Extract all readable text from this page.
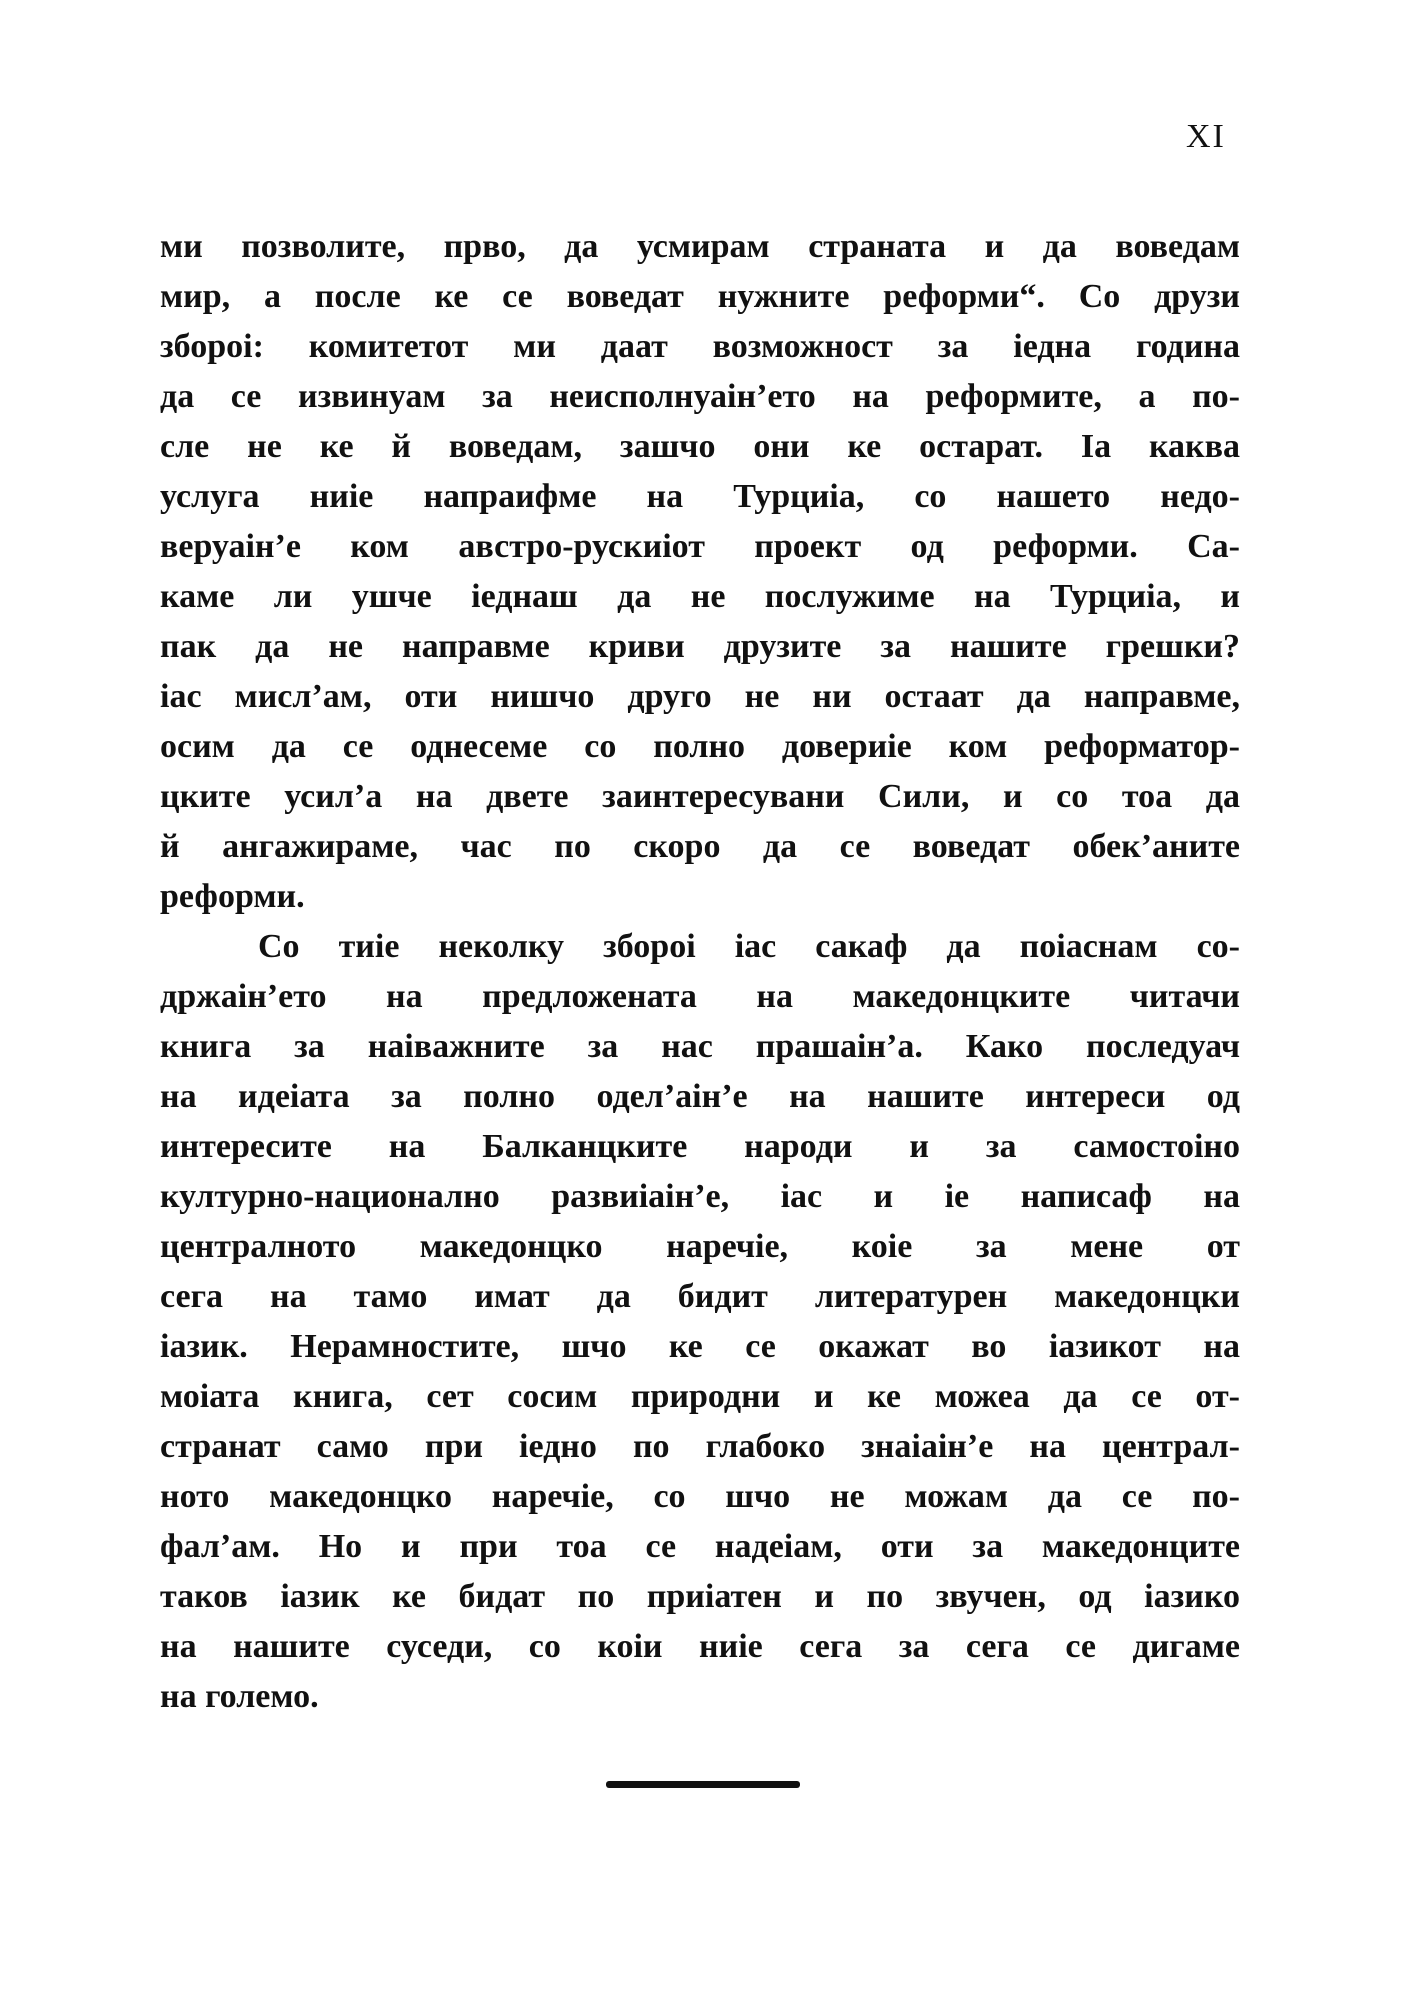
XI
ми позволите, прво, да усмирам страната и да воведам
мир, а после ке се воведат нужните реформи“. Со друзи
збороi: комитетот ми даат возможност за iедна година
да се извинуам за неисполнуаiн’ето на реформите, а по-
сле не ке й воведам, зашчо они ке остарат. Iа каква
услуга ниiе напраифме на Турциiа, со нашето недо-
веруаiн’е ком австро-рускиiот проект од реформи. Са-
каме ли ушче iеднаш да не послужиме на Турциiа, и
пак да не направме криви друзите за нашите грешки?
iас мисл’ам, оти нишчо друго не ни остаат да направме,
осим да се однесеме со полно довериiе ком реформатор-
цките усил’а на двете заинтересувани Сили, и со тоа да
й ангажираме, час по скоро да се воведат обек’аните
реформи.
Со тиiе неколку збороi iас сакаф да поiаснам со-
држаiн’ето на предложената на македонцките читачи
книга за наiважните за нас прашаiн’а. Како последуач
на идеiата за полно одел’аiн’е на нашите интереси од
интересите на Балканцките народи и за самостоiно
културно-национално развиiаiн’е, iас и iе написаф на
централното македонцко наречiе, коiе за мене от
сега на тамо имат да бидит литературен македонцки
iазик. Нерамностите, шчо ке се окажат во iазикот на
моiата книга, сет сосим природни и ке можеа да се от-
странат само при iедно по глабоко знаiаiн’е на централ-
ното македонцко наречiе, со шчо не можам да се по-
фал’ам. Но и при тоа се надеiам, оти за македонците
таков iазик ке бидат по приiатен и по звучен, од iазико
на нашите суседи, со коiи ниiе сега за сега се дигаме
на големо.
